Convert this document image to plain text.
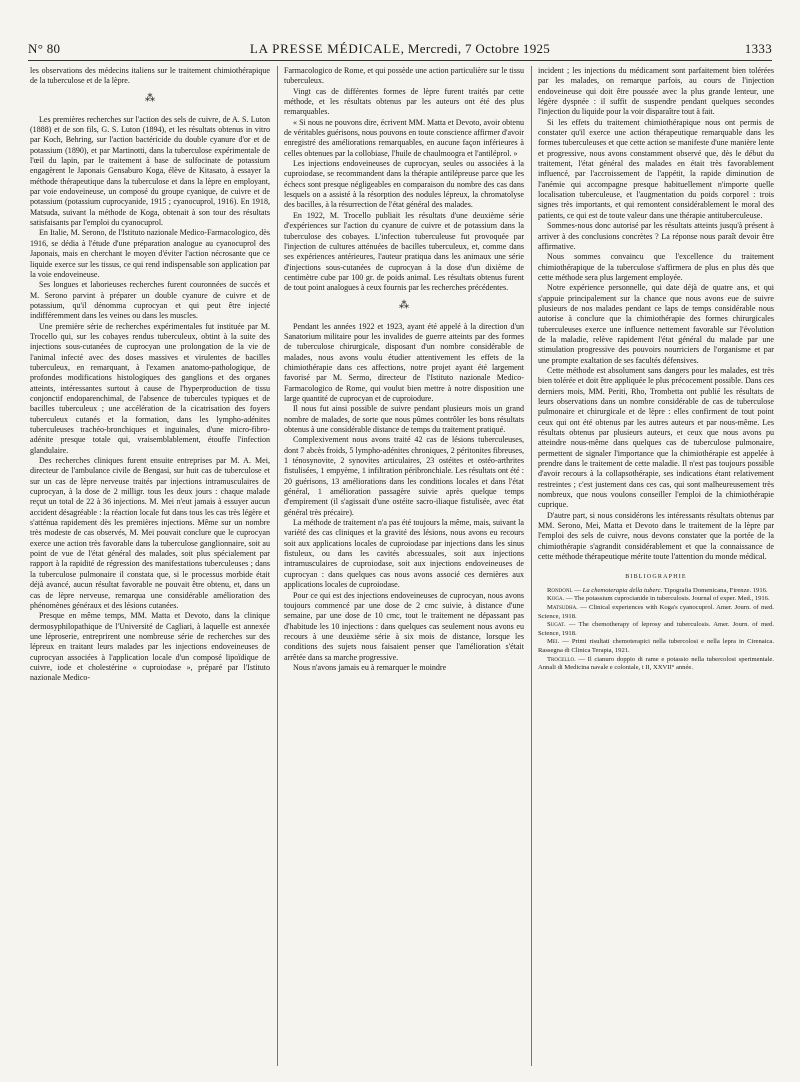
N° 80	LA PRESSE MÉDICALE, Mercredi, 7 Octobre 1925	1333

les observations des médecins italiens sur le traitement chimiothérapique de la tuberculose et de la lèpre.

⁂

Les premières recherches sur l'action des sels de cuivre, de A. S. Luton (1888) et de son fils, G. S. Luton (1894), et les résultats obtenus in vitro par Koch, Behring, sur l'action bactéricide du double cyanure d'or et de potassium (1890), et par Martinotti, dans la tuberculose expérimentale de l'œil du lapin, par le traitement à base de sulfocinate de potassium engagèrent le Japonais Gensaburo Koga, élève de Kitasato, à essayer la méthode thérapeutique dans la tuberculose et dans la lèpre en employant, par voie endoveineuse, un composé du groupe cyanique, de cuivre et de potassium (potassium cuprocyanide, 1915 ; cyanocuprol, 1916). En 1918, Matsuda, suivant la méthode de Koga, obtenait à son tour des résultats satisfaisants par l'emploi du cyanocuprol.

En Italie, M. Serono, de l'Istituto nazionale Medico-Farmacologico, dès 1916, se dédia à l'étude d'une préparation analogue au cyanocuprol des Japonais, mais en cherchant le moyen d'éviter l'action nécrosante que ce liquide exerce sur les tissus, ce qui rend indispensable son application par la voie endoveineuse.

Ses longues et laborieuses recherches furent couronnées de succès et M. Serono parvint à préparer un double cyanure de cuivre et de potassium, qu'il dénomma cuprocyan et qui peut être injecté indifféremment dans les veines ou dans les muscles.

Une première série de recherches expérimentales fut instituée par M. Trocello qui, sur les cobayes rendus tuberculeux, obtint à la suite des injections sous-cutanées de cuprocyan une prolongation de la vie de l'animal infecté avec des doses massives et virulentes de bacilles tuberculeux, en remarquant, à l'examen anatomo-pathologique, de profondes modifications histologiques des ganglions et des organes atteints, intéressantes surtout à cause de l'hyperproduction de tissu conjonctif endoparenchimal, de l'absence de tubercules typiques et de bacilles tuberculeux ; une accélération de la cicatrisation des foyers tuberculeux cutanés et la formation, dans les lympho-adénites tuberculeuses trachéo-bronchiques et inguinales, d'une micro-fibro-adénite presque totale qui, vraisemblablement, étouffe l'infection glandulaire.

Des recherches cliniques furent ensuite entreprises par M. A. Mei, directeur de l'ambulance civile de Bengasi, sur huit cas de tuberculose et sur un cas de lèpre nerveuse traités par injections intramusculaires de cuprocyan, à la dose de 2 milligr. tous les deux jours : chaque malade reçut un total de 22 à 36 injections. M. Mei n'eut jamais à essuyer aucun accident désagréable : la réaction locale fut dans tous les cas très légère et s'atténua rapidement dès les premières injections. Même sur un nombre très modeste de cas observés, M. Mei pouvait conclure que le cuprocyan exerce une action très favorable dans la tuberculose ganglionnaire, soit au point de vue de l'état général des malades, soit plus spécialement par rapport à la rapidité de régression des manifestations tuberculeuses ; dans la tuberculose pulmonaire il constata que, si le processus morbide était déjà avancé, aucun résultat favorable ne pouvait être obtenu, et, dans un cas de lèpre nerveuse, remarqua une considérable amélioration des phénomènes généraux et des lésions cutanées.

Presque en même temps, MM. Matta et Devoto, dans la clinique dermosyphilopathique de l'Université de Cagliari, à laquelle est annexée une léproserie, entreprirent une nombreuse série de recherches sur des lépreux en traitant leurs malades par les injections endoveineuses de cuprocyan associées à l'application locale d'un composé lipoïdique de cuivre, iode et cholestérine « cuproiodase », préparé par l'Istituto nazionale Medico-

Farmacologico de Rome, et qui possède une action particulière sur le tissu tuberculeux.

Vingt cas de différentes formes de lèpre furent traités par cette méthode, et les résultats obtenus par les auteurs ont été des plus remarquables.

« Si nous ne pouvons dire, écrivent MM. Matta et Devoto, avoir obtenu de véritables guérisons, nous pouvons en toute conscience affirmer d'avoir enregistré des améliorations remarquables, en aucune façon inférieures à celles obtenues par la collobiase, l'huile de chaulmoogra et l'antiléprol. »

Les injections endoveineuses de cuprocyan, seules ou associées à la cuproiodase, se recommandent dans la thérapie antilépreuse parce que les échecs sont presque négligeables en comparaison du nombre des cas dans lesquels on a assisté à la résorption des nodules lépreux, la chromatolyse des bacilles, à la résurrection de l'état général des malades.

En 1922, M. Trocello publiait les résultats d'une deuxième série d'expériences sur l'action du cyanure de cuivre et de potassium dans la tuberculose des cobayes. L'infection tuberculeuse fut provoquée par l'injection de cultures atténuées de bacilles tuberculeux, et, comme dans ses expériences antérieures, l'auteur pratiqua dans les animaux une série d'injections sous-cutanées de cuprocyan à la dose d'un dixième de centimètre cube par 100 gr. de poids animal. Les résultats obtenus furent de tout point analogues à ceux fournis par les recherches précédentes.

⁂

Pendant les années 1922 et 1923, ayant été appelé à la direction d'un Sanatorium militaire pour les invalides de guerre atteints par des formes de tuberculose chirurgicale, disposant d'un nombre considérable de malades, nous avons voulu étudier attentivement les effets de la chimiothérapie dans ces affections, notre projet ayant été largement favorisé par M. Sermo, directeur de l'Istituto nazionale Medico-Farmacologico de Rome, qui voulut bien mettre à notre disposition une large quantité de cuprocyan et de cuproiodure.

Il nous fut ainsi possible de suivre pendant plusieurs mois un grand nombre de malades, de sorte que nous pûmes contrôler les bons résultats obtenus à une considérable distance de temps du traitement pratiqué.

Complexivement nous avons traité 42 cas de lésions tuberculeuses, dont 7 abcès froids, 5 lympho-adénites chroniques, 2 péritonites fibreuses, 1 ténosynovite, 2 synovites articulaires, 23 ostéites et ostéo-arthrites fistulisées, 1 empyème, 1 infiltration péribronchiale. Les résultats ont été : 20 guérisons, 13 améliorations dans les conditions locales et dans l'état général, 1 amélioration passagère suivie après quelque temps d'empirement (il s'agissait d'une ostéite sacro-iliaque fistulisée, avec état général très précaire).

La méthode de traitement n'a pas été toujours la même, mais, suivant la variété des cas cliniques et la gravité des lésions, nous avons eu recours soit aux applications locales de cuproiodase par injections dans les sinus fistuleux, ou dans les cavités abcessuales, soit aux injections intramusculaires de cuproiodase, soit aux injections endoveineuses de cuprocyan : dans quelques cas nous avons associé ces dernières aux applications locales de cuproiodase.

Pour ce qui est des injections endoveineuses de cuprocyan, nous avons toujours commencé par une dose de 2 cmc suivie, à distance d'une semaine, par une dose de 10 cmc, tout le traitement ne dépassant pas d'habitude les 10 injections : dans quelques cas seulement nous avons eu recours à une deuxième série à six mois de distance, lorsque les conditions des sujets nous faisaient penser que l'amélioration s'était arrêtée dans sa marche progressive.

Nous n'avons jamais eu à remarquer le moindre

incident ; les injections du médicament sont parfaitement bien tolérées par les malades, on remarque parfois, au cours de l'injection endoveineuse qui doit être poussée avec la plus grande lenteur, une légère dyspnée : il suffit de suspendre pendant quelques secondes l'injection du liquide pour la voir disparaître tout à fait.

Si les effets du traitement chimiothérapique nous ont permis de constater qu'il exerce une action thérapeutique remarquable dans les formes tuberculeuses et que cette action se manifeste d'une manière lente et progressive, nous avons constamment observé que, dès le début du traitement, l'état général des malades en était très favorablement influencé, par l'accroissement de l'appétit, la rapide diminution de l'anémie qui accompagne presque habituellement n'importe quelle localisation tuberculeuse, et l'augmentation du poids corporel : trois signes très importants, et qui remontent considérablement le moral des patients, ce qui est de toute valeur dans une thérapie antituberculeuse.

Sommes-nous donc autorisé par les résultats atteints jusqu'à présent à arriver à des conclusions concrètes ? La réponse nous paraît devoir être affirmative.

Nous sommes convaincu que l'excellence du traitement chimiothérapique de la tuberculose s'affirmera de plus en plus dès que cette méthode sera plus largement employée.

Notre expérience personnelle, qui date déjà de quatre ans, et qui s'appuie principalement sur la chance que nous avons eue de suivre plusieurs de nos malades pendant ce laps de temps considérable nous autorise à conclure que la chimiothérapie des formes chirurgicales tuberculeuses exerce une influence nettement favorable sur l'évolution de la maladie, relève rapidement l'état général du malade par une stimulation progressive des pouvoirs nourriciers de l'organisme et par une prompte exaltation de ses facultés défensives.

Cette méthode est absolument sans dangers pour les malades, est très bien tolérée et doit être appliquée le plus précocement possible. Dans ces derniers mois, MM. Periti, Rho, Trombetta ont publié les résultats de leurs observations dans un nombre considérable de cas de tuberculose pulmonaire et chirurgicale et de lèpre : elles confirment de tout point ceux qui ont été obtenus par les autres auteurs et par nous-même. Les résultats obtenus par plusieurs auteurs, et ceux que nous avons pu atteindre nous-même dans quelques cas de tuberculose pulmonaire, permettent de signaler l'importance que la chimiothérapie est appelée à prendre dans le traitement de cette maladie. Il n'est pas toujours possible d'avoir recours à la collapsothérapie, ses indications étant relativement restreintes ; c'est justement dans ces cas, qui sont malheureusement très nombreux, que nous voulons conseiller l'emploi de la chimiothérapie cuprique.

D'autre part, si nous considérons les intéressants résultats obtenus par MM. Serono, Mei, Matta et Devoto dans le traitement de la lèpre par l'emploi des sels de cuivre, nous devons constater que la portée de la chimiothérapie s'agrandit considérablement et que la connaissance de cette méthode thérapeutique mérite toute l'attention du monde médical.

BIBLIOGRAPHIE

Rondoni. — La chemoterapia della tuberc. Tipografia Domenicana, Firenze. 1916.

Koga. — The potassium cuprocianide in tuberculosis. Journal of exper. Med., 1916.

Matsudha. — Clinical experiences with Koga's cyanocuprol. Amer. Journ. of med. Science, 1918.

Sugat. — The chemotherapy of leprosy and tuberculosis. Amer. Journ. of med. Science, 1918.

Mei. — Primi risultati chemoterapici nella tubercolosi e nella lepra in Cirenaica. Rassegna di Clinica Terapia, 1921.

Trocello. — Il cianuro doppio di rame e potassio nella tubercolosi sperimentale. Annali di Medicina navale e coloniale, t II, XXVII° année.
